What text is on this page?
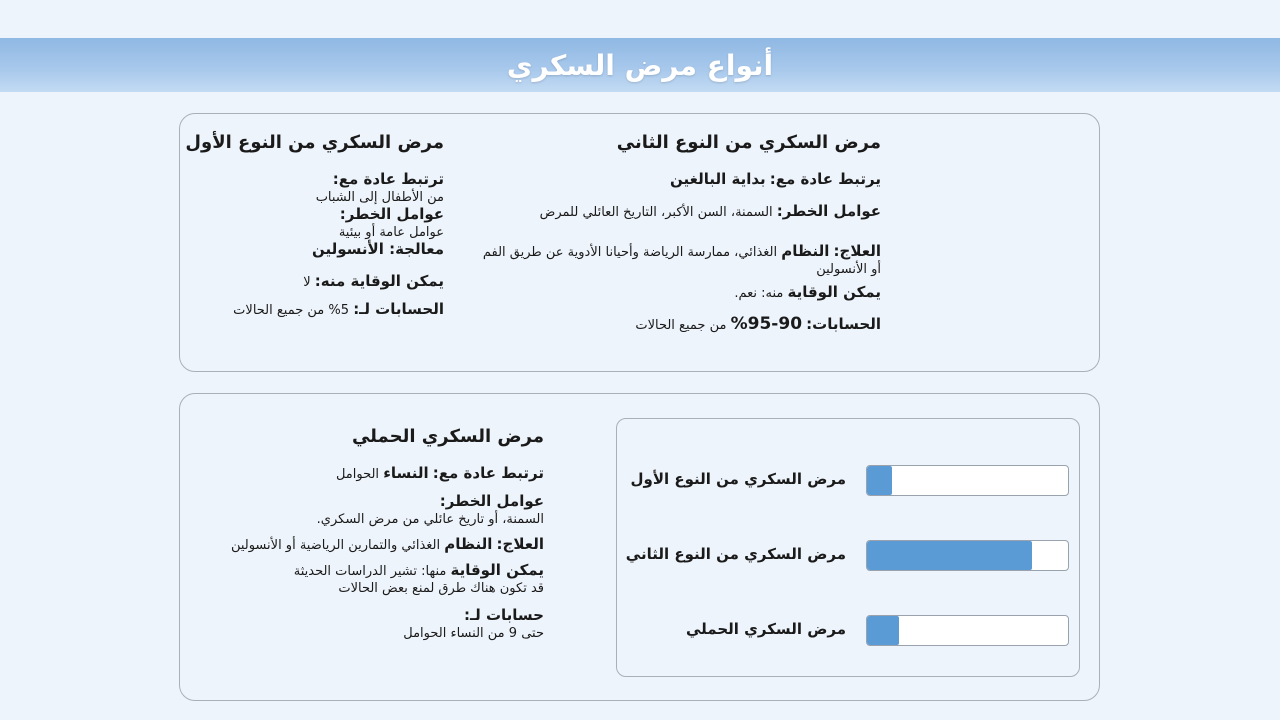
أنواع مرض السكري
مرض السكري من النوع الثاني
يرتبط عادة مع: بداية البالغين
عوامل الخطر: السمنة، السن الأكبر، التاريخ العائلي للمرض
العلاج: النظام الغذائي، ممارسة الرياضة وأحيانا الأدوية عن طريق الفم
أو الأنسولين
يمكن الوقاية منه: نعم.
الحسابات: 90-95% من جميع الحالات
مرض السكري من النوع الأول
ترتبط عادة مع:
من الأطفال إلى الشباب
عوامل الخطر:
عوامل عامة أو بيئية
معالجة: الأنسولين
يمكن الوقاية منه: لا
الحسابات لـ: 5% من جميع الحالات
مرض السكري الحملي
ترتبط عادة مع: النساء الحوامل
عوامل الخطر:
السمنة، أو تاريخ عائلي من مرض السكري.
العلاج: النظام الغذائي والتمارين الرياضية أو الأنسولين
يمكن الوقاية منها: تشير الدراسات الحديثة
قد تكون هناك طرق لمنع بعض الحالات
حسابات لـ:
حتى 9 من النساء الحوامل
مرض السكري من النوع الأول
مرض السكري من النوع الثاني
مرض السكري الحملي
